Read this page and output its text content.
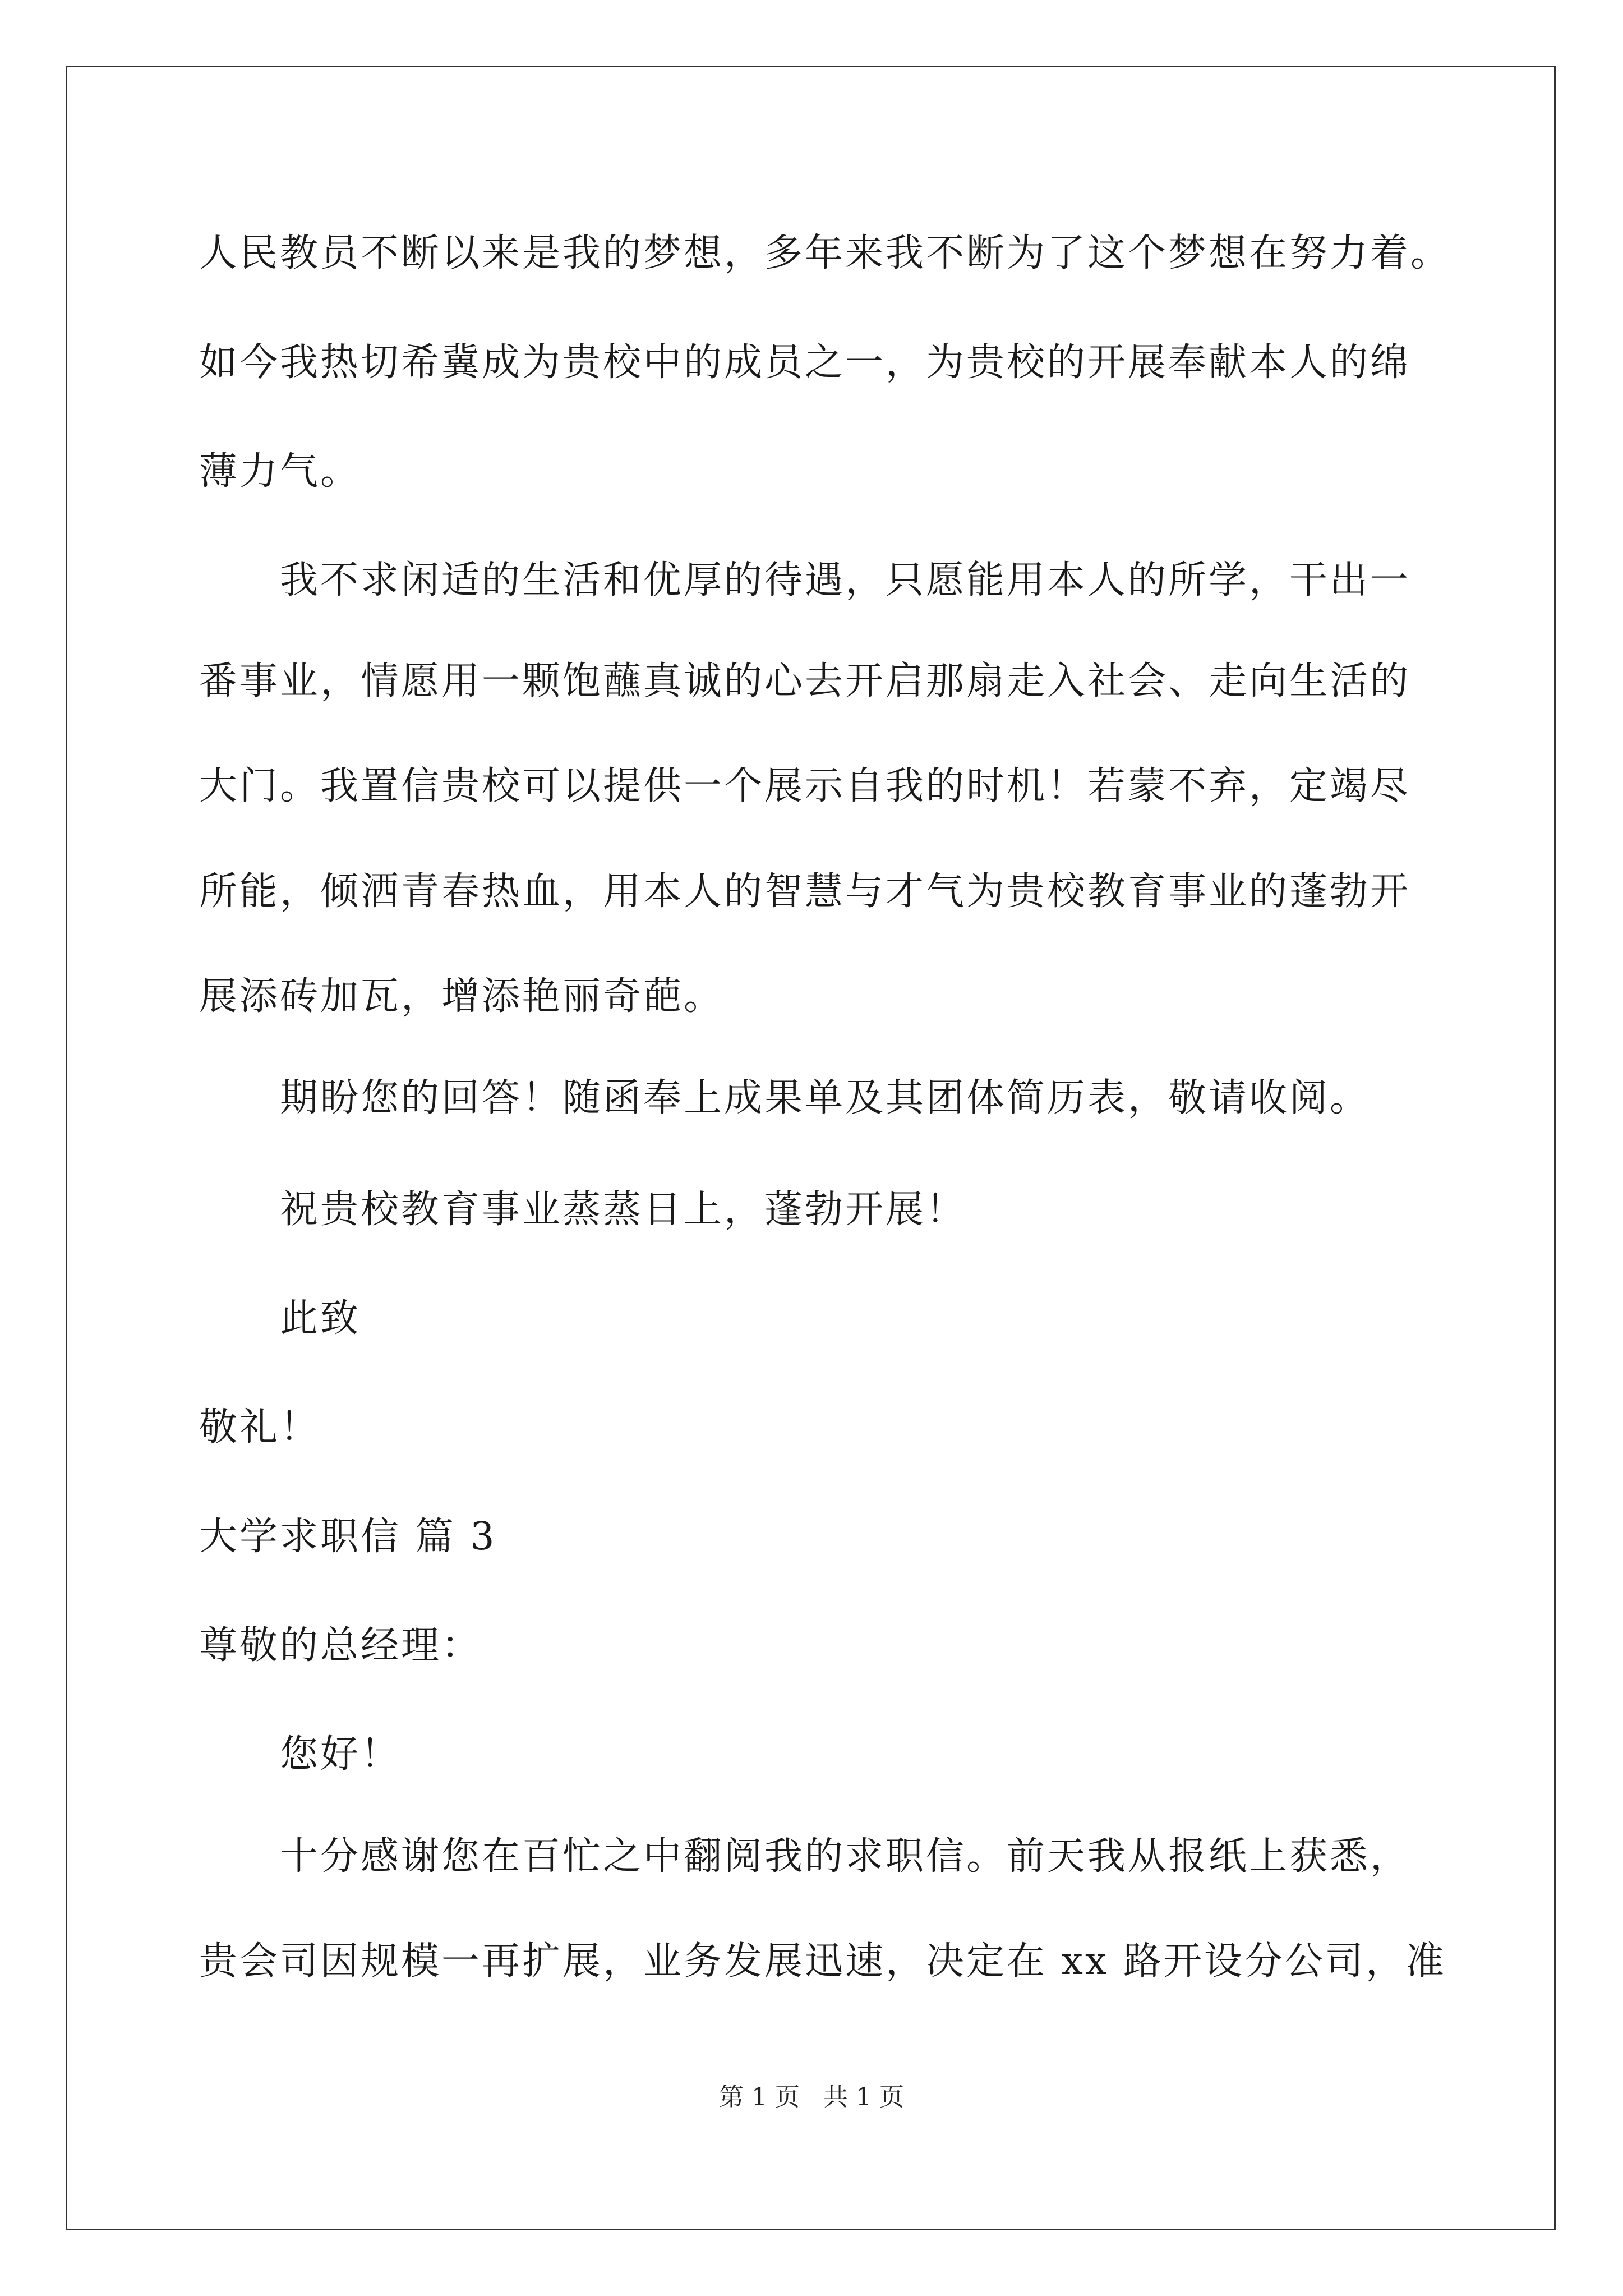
人民教员不断以来是我的梦想，多年来我不断为了这个梦想在努力着。
如今我热切希冀成为贵校中的成员之一，为贵校的开展奉献本人的绵
薄力气。
我不求闲适的生活和优厚的待遇，只愿能用本人的所学，干出一
番事业，情愿用一颗饱蘸真诚的心去开启那扇走入社会、走向生活的
大门。我置信贵校可以提供一个展示自我的时机！若蒙不弃，定竭尽
所能，倾洒青春热血，用本人的智慧与才气为贵校教育事业的蓬勃开
展添砖加瓦，增添艳丽奇葩。
期盼您的回答！随函奉上成果单及其团体简历表，敬请收阅。
祝贵校教育事业蒸蒸日上，蓬勃开展！
此致
敬礼！
大学求职信 篇 3
尊敬的总经理：
您好！
十分感谢您在百忙之中翻阅我的求职信。前天我从报纸上获悉，
贵会司因规模一再扩展，业务发展迅速，决定在 xx 路开设分公司，准
第 1 页 共 1 页
